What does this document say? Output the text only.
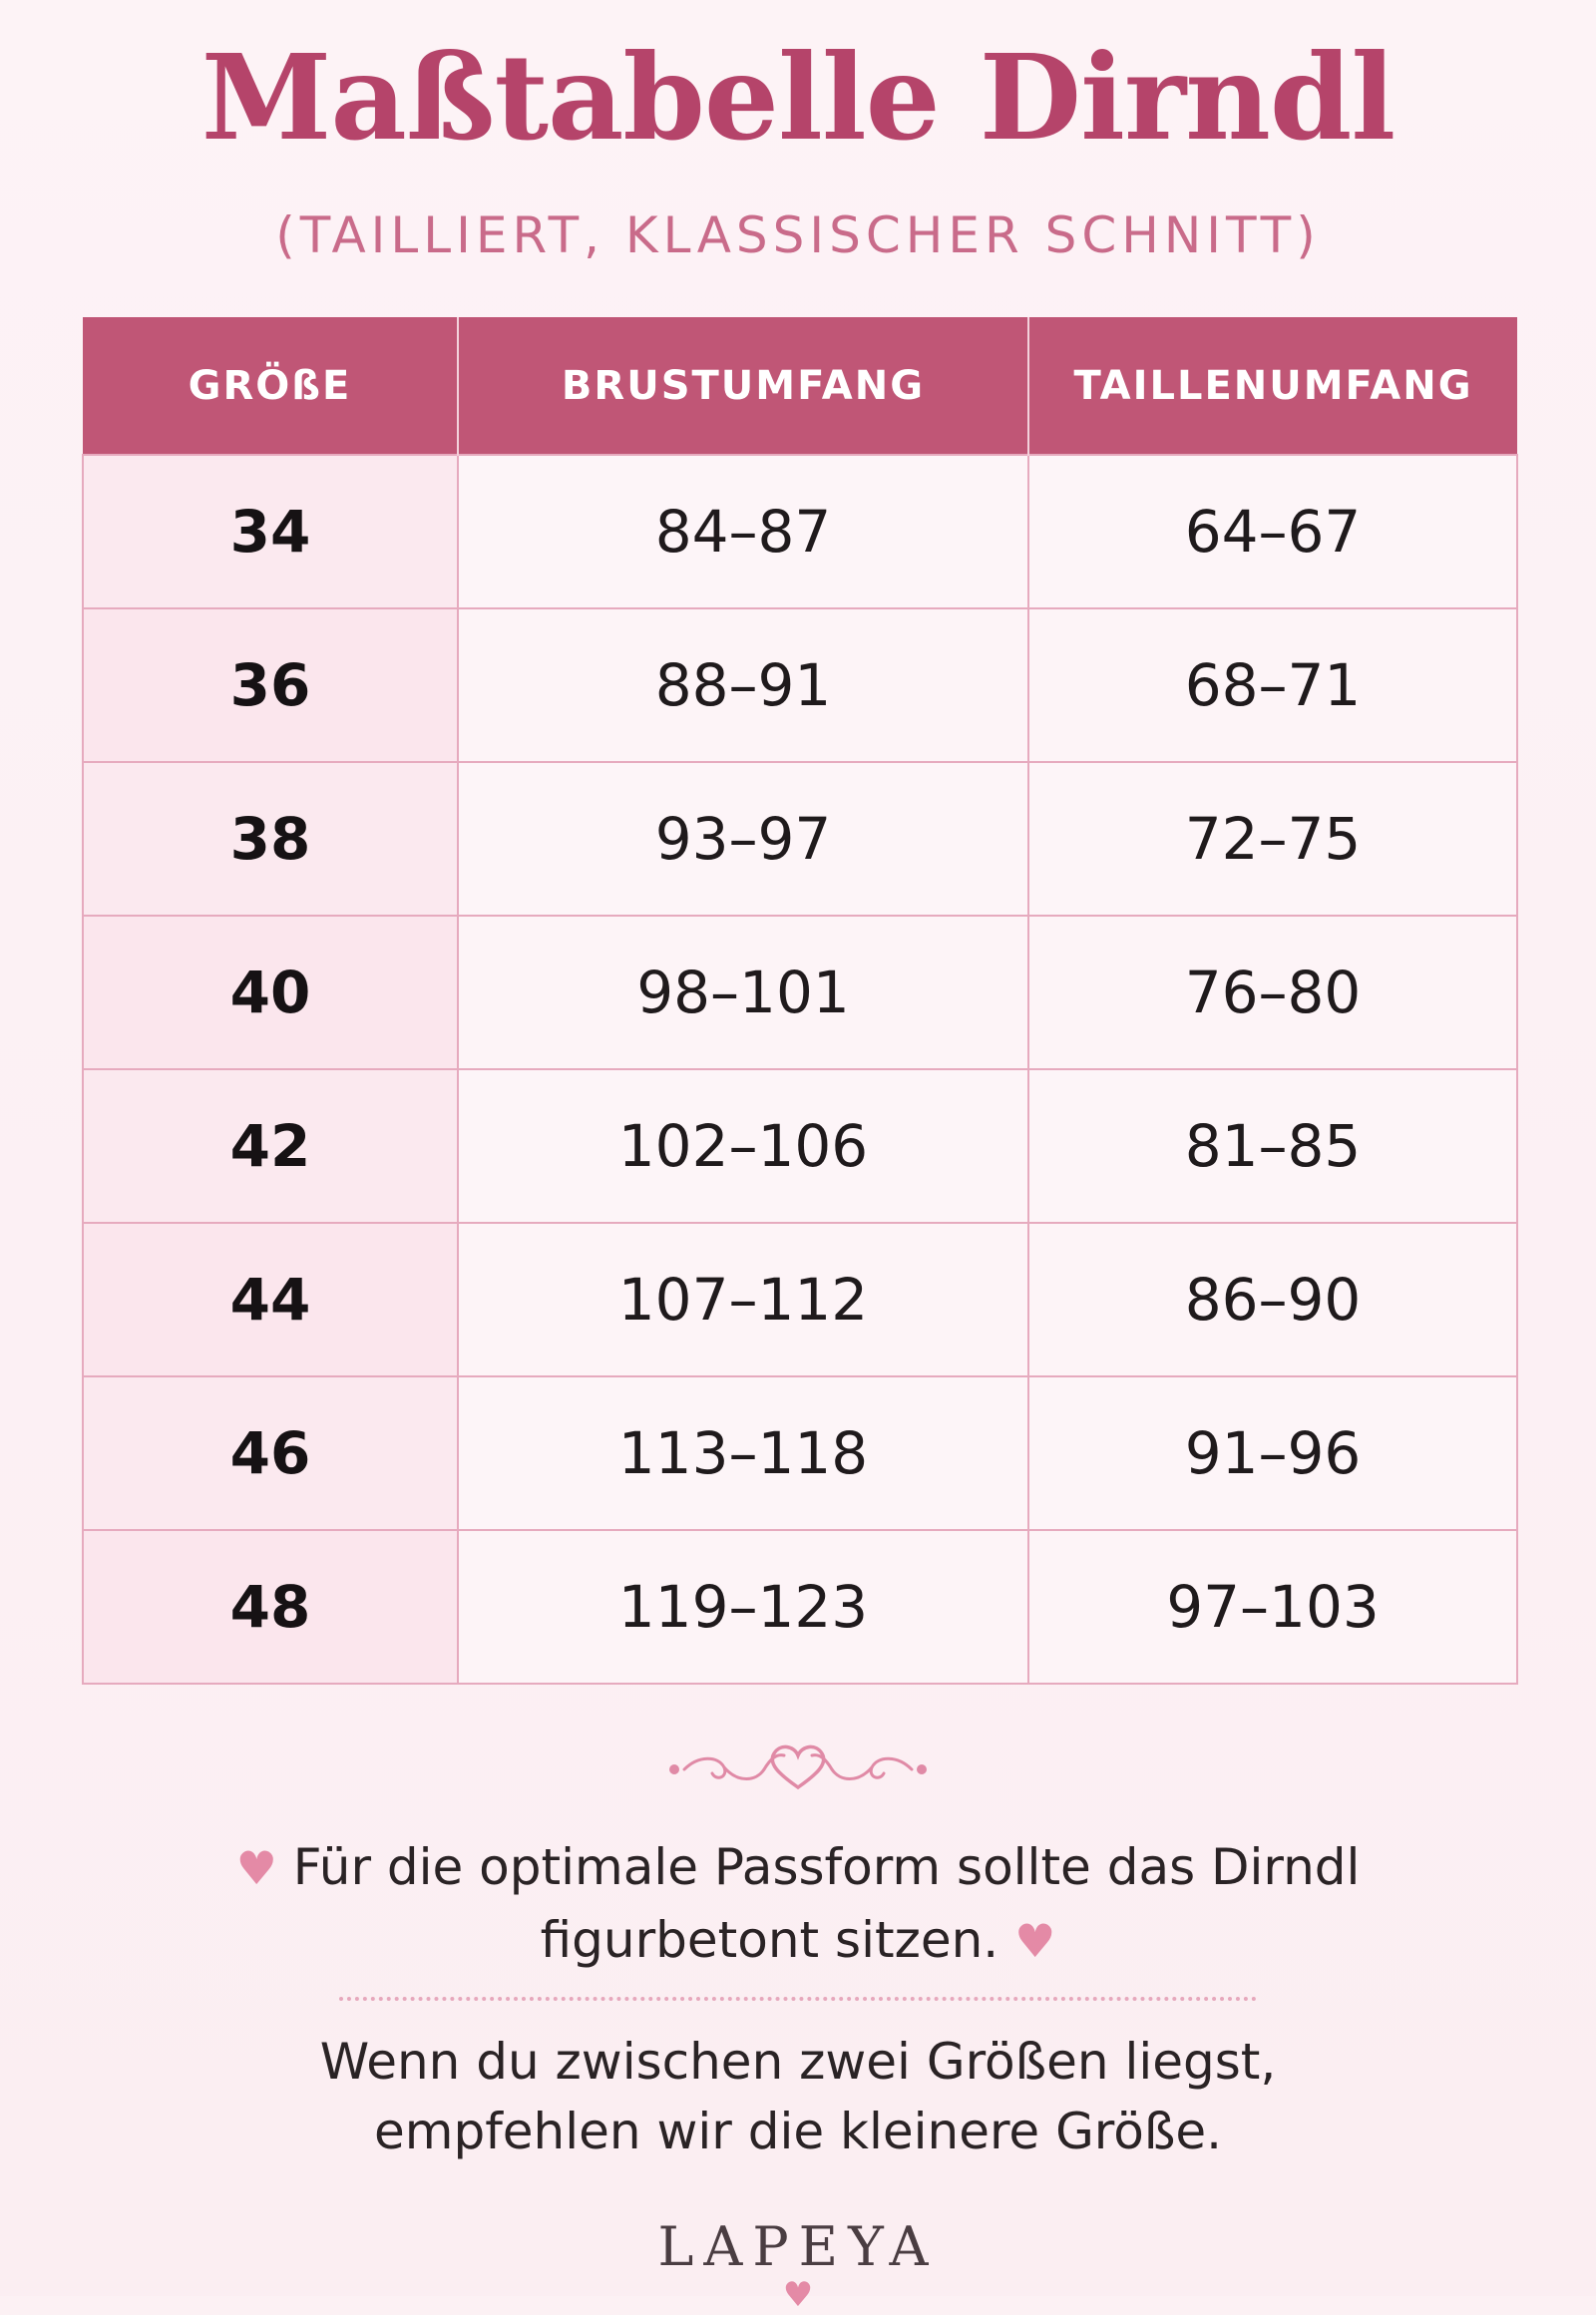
Maßtabelle Dirndl
(TAILLIERT, KLASSISCHER SCHNITT)
GRÖßE	BRUSTUMFANG	TAILLENUMFANG
34	84–87	64–67
36	88–91	68–71
38	93–97	72–75
40	98–101	76–80
42	102–106	81–85
44	107–112	86–90
46	113–118	91–96
48	119–123	97–103
♥ Für die optimale Passform sollte das Dirndl
figurbetont sitzen. ♥
Wenn du zwischen zwei Größen liegst,
empfehlen wir die kleinere Größe.
LAPEYA
♥
